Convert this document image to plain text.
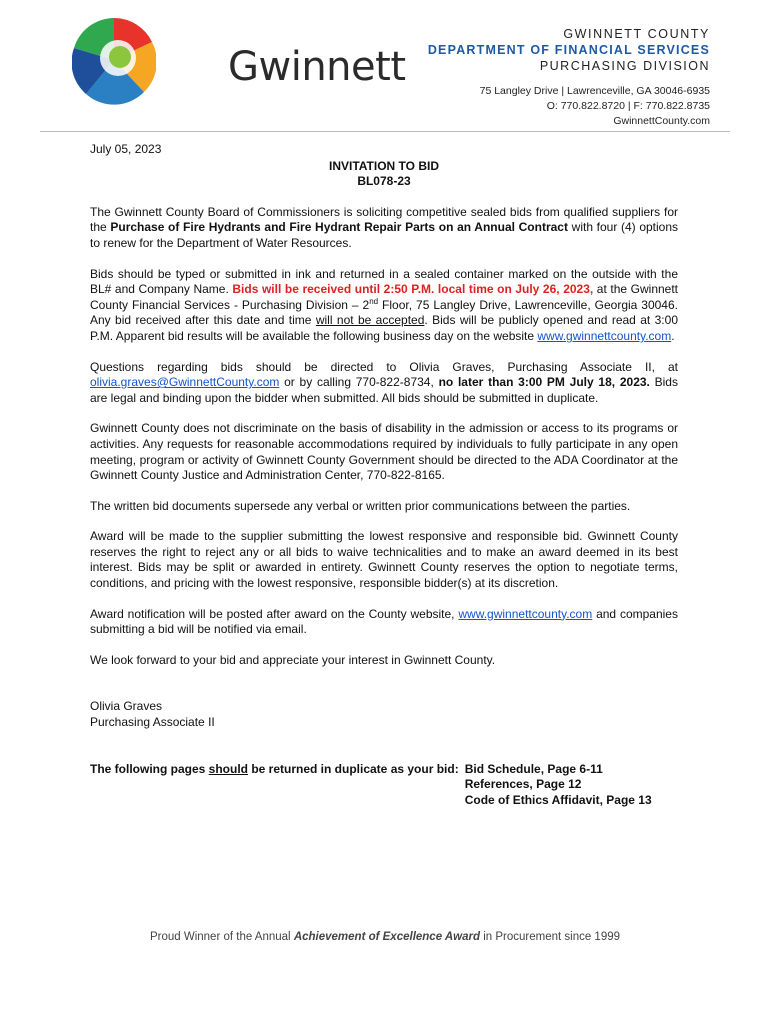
Gwinnett
GWINNETT COUNTY
DEPARTMENT OF FINANCIAL SERVICES
PURCHASING DIVISION
75 Langley Drive | Lawrenceville, GA 30046-6935
O: 770.822.8720 | F: 770.822.8735
GwinnettCounty.com

July 05, 2023

INVITATION TO BID

BL078-23

The Gwinnett County Board of Commissioners is soliciting competitive sealed bids from qualified suppliers for the Purchase of Fire Hydrants and Fire Hydrant Repair Parts on an Annual Contract with four (4) options to renew for the Department of Water Resources.

Bids should be typed or submitted in ink and returned in a sealed container marked on the outside with the BL# and Company Name. Bids will be received until 2:50 P.M. local time on July 26, 2023, at the Gwinnett County Financial Services - Purchasing Division – 2nd Floor, 75 Langley Drive, Lawrenceville, Georgia 30046. Any bid received after this date and time will not be accepted. Bids will be publicly opened and read at 3:00 P.M. Apparent bid results will be available the following business day on the website www.gwinnettcounty.com.

Questions regarding bids should be directed to Olivia Graves, Purchasing Associate II, at olivia.graves@GwinnettCounty.com or by calling 770-822-8734, no later than 3:00 PM July 18, 2023. Bids are legal and binding upon the bidder when submitted. All bids should be submitted in duplicate.

Gwinnett County does not discriminate on the basis of disability in the admission or access to its programs or activities. Any requests for reasonable accommodations required by individuals to fully participate in any open meeting, program or activity of Gwinnett County Government should be directed to the ADA Coordinator at the Gwinnett County Justice and Administration Center, 770-822-8165.

The written bid documents supersede any verbal or written prior communications between the parties.

Award will be made to the supplier submitting the lowest responsive and responsible bid. Gwinnett County reserves the right to reject any or all bids to waive technicalities and to make an award deemed in its best interest. Bids may be split or awarded in entirety. Gwinnett County reserves the option to negotiate terms, conditions, and pricing with the lowest responsive, responsible bidder(s) at its discretion.

Award notification will be posted after award on the County website, www.gwinnettcounty.com and companies submitting a bid will be notified via email.

We look forward to your bid and appreciate your interest in Gwinnett County.

Olivia Graves

Purchasing Associate II

The following pages should be returned in duplicate as your bid: Bid Schedule, Page 6-11
References, Page 12
Code of Ethics Affidavit, Page 13
Proud Winner of the Annual Achievement of Excellence Award in Procurement since 1999
